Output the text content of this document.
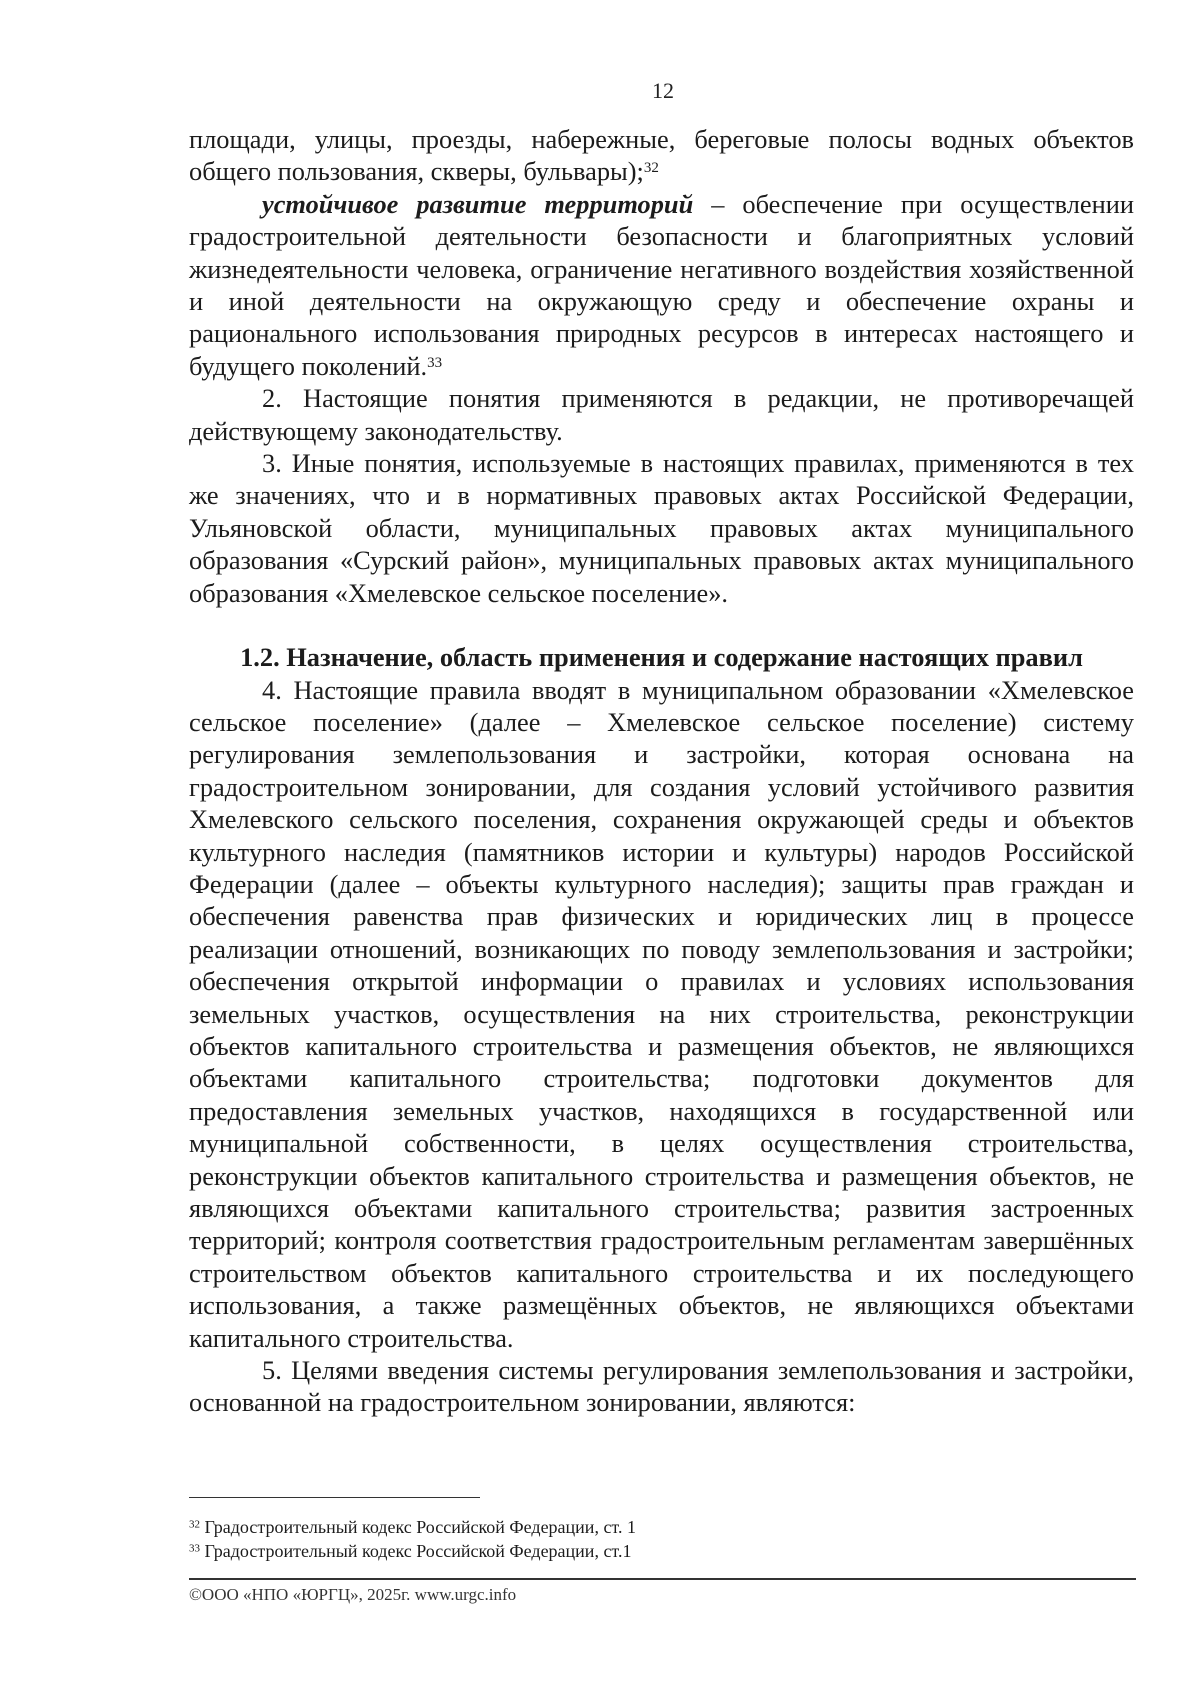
12

площади, улицы, проезды, набережные, береговые полосы водных объектов общего пользования, скверы, бульвары);$^{32}$

устойчивое развитие территорий – обеспечение при осуществлении градостроительной деятельности безопасности и благоприятных условий жизнедеятельности человека, ограничение негативного воздействия хозяйственной и иной деятельности на окружающую среду и обеспечение охраны и рационального использования природных ресурсов в интересах настоящего и будущего поколений.$^{33}$

2. Настоящие понятия применяются в редакции, не противоречащей действующему законодательству.

3. Иные понятия, используемые в настоящих правилах, применяются в тех же значениях, что и в нормативных правовых актах Российской Федерации, Ульяновской области, муниципальных правовых актах муниципального образования «Сурский район», муниципальных правовых актах муниципального образования «Хмелевское сельское поселение».

1.2. Назначение, область применения и содержание настоящих правил

4. Настоящие правила вводят в муниципальном образовании «Хмелевское сельское поселение» (далее – Хмелевское сельское поселение) систему регулирования землепользования и застройки, которая основана на градостроительном зонировании, для создания условий устойчивого развития Хмелевского сельского поселения, сохранения окружающей среды и объектов культурного наследия (памятников истории и культуры) народов Российской Федерации (далее – объекты культурного наследия); защиты прав граждан и обеспечения равенства прав физических и юридических лиц в процессе реализации отношений, возникающих по поводу землепользования и застройки; обеспечения открытой информации о правилах и условиях использования земельных участков, осуществления на них строительства, реконструкции объектов капитального строительства и размещения объектов, не являющихся объектами капитального строительства; подготовки документов для предоставления земельных участков, находящихся в государственной или муниципальной собственности, в целях осуществления строительства, реконструкции объектов капитального строительства и размещения объектов, не являющихся объектами капитального строительства; развития застроенных территорий; контроля соответствия градостроительным регламентам завершённых строительством объектов капитального строительства и их последующего использования, а также размещённых объектов, не являющихся объектами капитального строительства.

5. Целями введения системы регулирования землепользования и застройки, основанной на градостроительном зонировании, являются:

$^{32}$ Градостроительный кодекс Российской Федерации, ст. 1

$^{33}$ Градостроительный кодекс Российской Федерации, ст.1

©ООО «НПО «ЮРГЦ», 2025г. www.urgc.info
